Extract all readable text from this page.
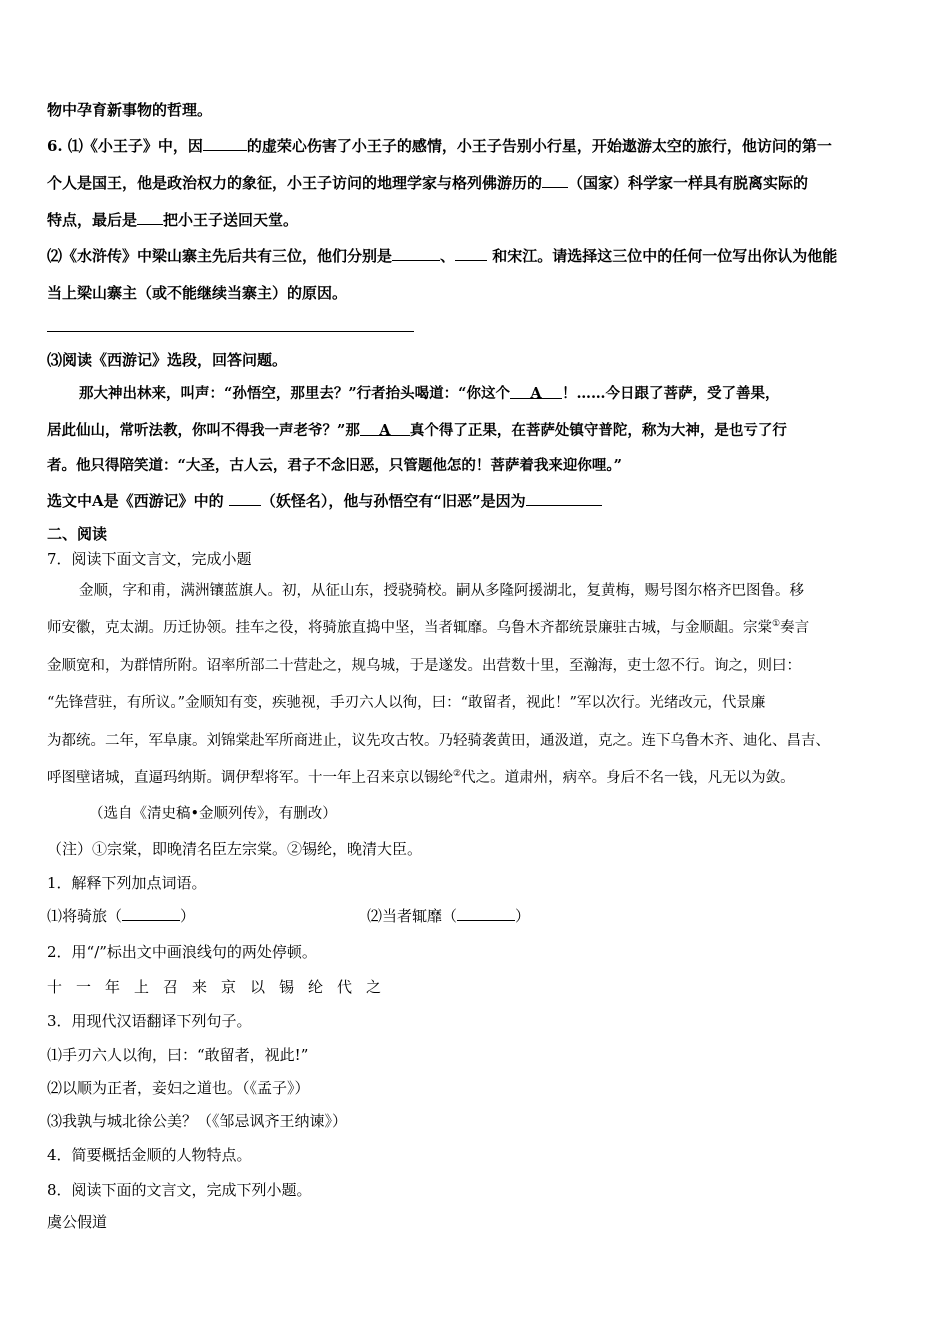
物中孕育新事物的哲理。
6. ⑴《小王子》中，因	的虚荣心伤害了小王子的感情，小王子告别小行星，开始遨游太空的旅行，他访问的第一
个人是国王，他是政治权力的象征，小王子访问的地理学家与格列佛游历的 （国家）科学家一样具有脱离实际的
特点，最后是 把小王子送回天堂。
⑵《水浒传》中梁山寨主先后共有三位，他们分别是	、 和宋江。请选择这三位中的任何一位写出你认为他能
当上梁山寨主（或不能继续当寨主）的原因。
⑶阅读《西游记》选段，回答问题。
那大神出林来，叫声：“孙悟空，那里去？”行者抬头喝道：“你这个 A ！……今日跟了菩萨，受了善果，
居此仙山，常听法教，你叫不得我一声老爷？”那 A 真个得了正果，在菩萨处镇守普陀，称为大神，是也亏了行
者。他只得陪笑道：“大圣，古人云，君子不念旧恶，只管题他怎的！菩萨着我来迎你哩。”
选文中A是《西游记》中的 （妖怪名），他与孙悟空有“旧恶”是因为
二、阅读
7．阅读下面文言文，完成小题
金顺，字和甫，满洲镶蓝旗人。初，从征山东，授骁骑校。嗣从多隆阿援湖北，复黄梅，赐号图尔格齐巴图鲁。移
师安徽，克太湖。历迁协领。挂车之役，将骑旅直捣中坚，当者辄靡。乌鲁木齐都统景廉驻古城，与金顺龃。宗棠①奏言
金顺宽和，为群情所附。诏率所部二十营赴之，规乌城，于是遂发。出营数十里，至瀚海，吏士忽不行。询之，则曰：
“先锋营驻，有所议。”金顺知有变，疾驰视，手刃六人以徇，曰：“敢留者，视此！”军以次行。光绪改元，代景廉
为都统。二年，军阜康。刘锦棠赴军所商进止，议先攻古牧。乃轻骑袭黄田，通汲道，克之。连下乌鲁木齐、迪化、昌吉、
呼图壁诸城，直逼玛纳斯。调伊犁将军。十一年上召来京以锡纶②代之。道肃州，病卒。身后不名一钱，凡无以为敛。
（选自《清史稿•金顺列传》，有删改）
（注）①宗棠，即晚清名臣左宗棠。②锡纶，晚清大臣。
1．解释下列加点词语。
⑴将骑旅（	）	⑵当者辄靡（	）
2．用“/”标出文中画浪线句的两处停顿。
十一年上召来京以锡纶代之
3．用现代汉语翻译下列句子。
⑴手刃六人以徇，曰：“敢留者，视此!”
⑵以顺为正者，妾妇之道也。（《孟子》）
⑶我孰与城北徐公美？（《邹忌讽齐王纳谏》）
4．简要概括金顺的人物特点。
8．阅读下面的文言文，完成下列小题。
虞公假道
